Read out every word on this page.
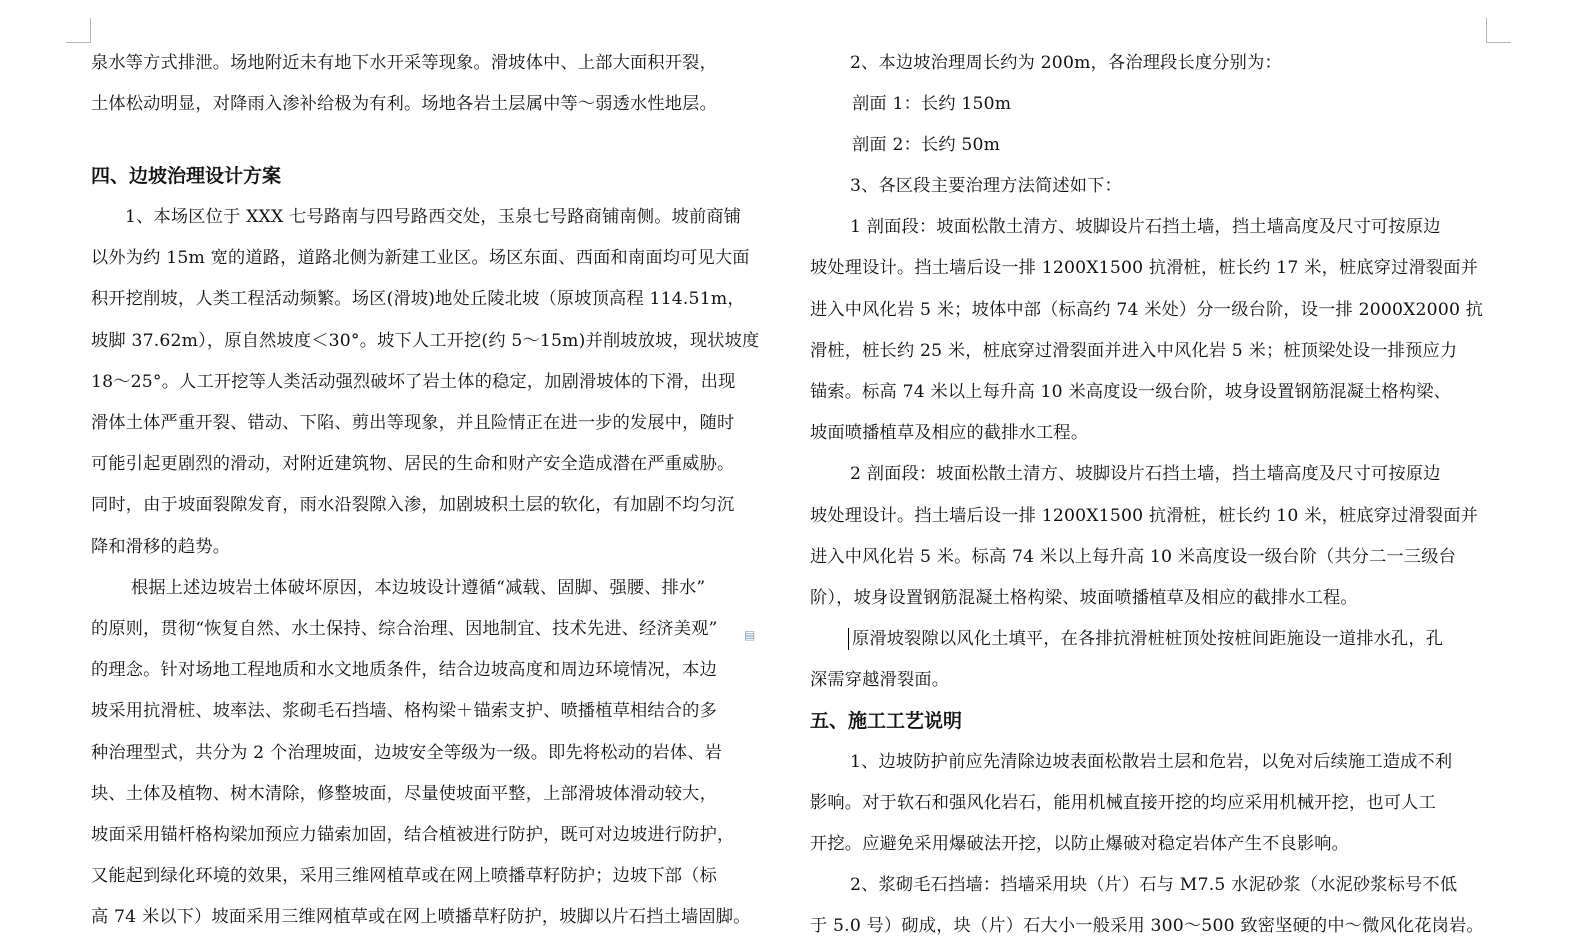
泉水等方式排泄。场地附近未有地下水开采等现象。滑坡体中、上部大面积开裂，
土体松动明显，对降雨入渗补给极为有利。场地各岩土层属中等～弱透水性地层。
四、边坡治理设计方案
1、本场区位于 XXX 七号路南与四号路西交处，玉泉七号路商铺南侧。坡前商铺
以外为约 15m 宽的道路，道路北侧为新建工业区。场区东面、西面和南面均可见大面
积开挖削坡，人类工程活动频繁。场区(滑坡)地处丘陵北坡（原坡顶高程 114.51m，
坡脚 37.62m），原自然坡度＜30°。坡下人工开挖(约 5～15m)并削坡放坡，现状坡度
18～25°。人工开挖等人类活动强烈破坏了岩土体的稳定，加剧滑坡体的下滑，出现
滑体土体严重开裂、错动、下陷、剪出等现象，并且险情正在进一步的发展中，随时
可能引起更剧烈的滑动，对附近建筑物、居民的生命和财产安全造成潜在严重威胁。
同时，由于坡面裂隙发育，雨水沿裂隙入渗，加剧坡积土层的软化，有加剧不均匀沉
降和滑移的趋势。
根据上述边坡岩土体破坏原因，本边坡设计遵循“减载、固脚、强腰、排水”
的原则，贯彻“恢复自然、水土保持、综合治理、因地制宜、技术先进、经济美观”
的理念。针对场地工程地质和水文地质条件，结合边坡高度和周边环境情况，本边
坡采用抗滑桩、坡率法、浆砌毛石挡墙、格构梁＋锚索支护、喷播植草相结合的多
种治理型式，共分为 2 个治理坡面，边坡安全等级为一级。即先将松动的岩体、岩
块、土体及植物、树木清除，修整坡面，尽量使坡面平整，上部滑坡体滑动较大，
坡面采用锚杆格构梁加预应力锚索加固，结合植被进行防护，既可对边坡进行防护，
又能起到绿化环境的效果，采用三维网植草或在网上喷播草籽防护；边坡下部（标
高 74 米以下）坡面采用三维网植草或在网上喷播草籽防护，坡脚以片石挡土墙固脚。
▤
2、本边坡治理周长约为 200m，各治理段长度分别为：
剖面 1：长约 150m
剖面 2：长约 50m
3、各区段主要治理方法简述如下：
1 剖面段：坡面松散土清方、坡脚设片石挡土墙，挡土墙高度及尺寸可按原边
坡处理设计。挡土墙后设一排 1200X1500 抗滑桩，桩长约 17 米，桩底穿过滑裂面并
进入中风化岩 5 米；坡体中部（标高约 74 米处）分一级台阶，设一排 2000X2000 抗
滑桩，桩长约 25 米，桩底穿过滑裂面并进入中风化岩 5 米；桩顶梁处设一排预应力
锚索。标高 74 米以上每升高 10 米高度设一级台阶，坡身设置钢筋混凝土格构梁、
坡面喷播植草及相应的截排水工程。
2 剖面段：坡面松散土清方、坡脚设片石挡土墙，挡土墙高度及尺寸可按原边
坡处理设计。挡土墙后设一排 1200X1500 抗滑桩，桩长约 10 米，桩底穿过滑裂面并
进入中风化岩 5 米。标高 74 米以上每升高 10 米高度设一级台阶（共分二一三级台
阶），坡身设置钢筋混凝土格构梁、坡面喷播植草及相应的截排水工程。
原滑坡裂隙以风化土填平，在各排抗滑桩桩顶处按桩间距施设一道排水孔，孔
深需穿越滑裂面。
五、施工工艺说明
1、边坡防护前应先清除边坡表面松散岩土层和危岩，以免对后续施工造成不利
影响。对于软石和强风化岩石，能用机械直接开挖的均应采用机械开挖，也可人工
开挖。应避免采用爆破法开挖，以防止爆破对稳定岩体产生不良影响。
2、浆砌毛石挡墙：挡墙采用块（片）石与 M7.5 水泥砂浆（水泥砂浆标号不低
于 5.0 号）砌成，块（片）石大小一般采用 300～500 致密坚硬的中～微风化花岗岩。
